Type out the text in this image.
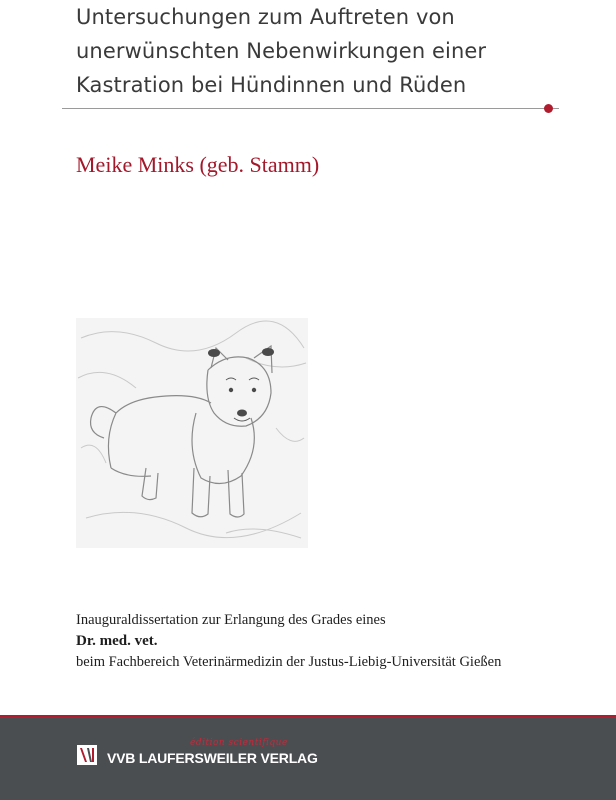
Untersuchungen zum Auftreten von
unerwünschten Nebenwirkungen einer
Kastration bei Hündinnen und Rüden
Meike Minks (geb. Stamm)
Inauguraldissertation zur Erlangung des Grades eines
Dr. med. vet.
beim Fachbereich Veterinärmedizin der Justus-Liebig-Universität Gießen
édition scientifique
VVB LAUFERSWEILER VERLAG
